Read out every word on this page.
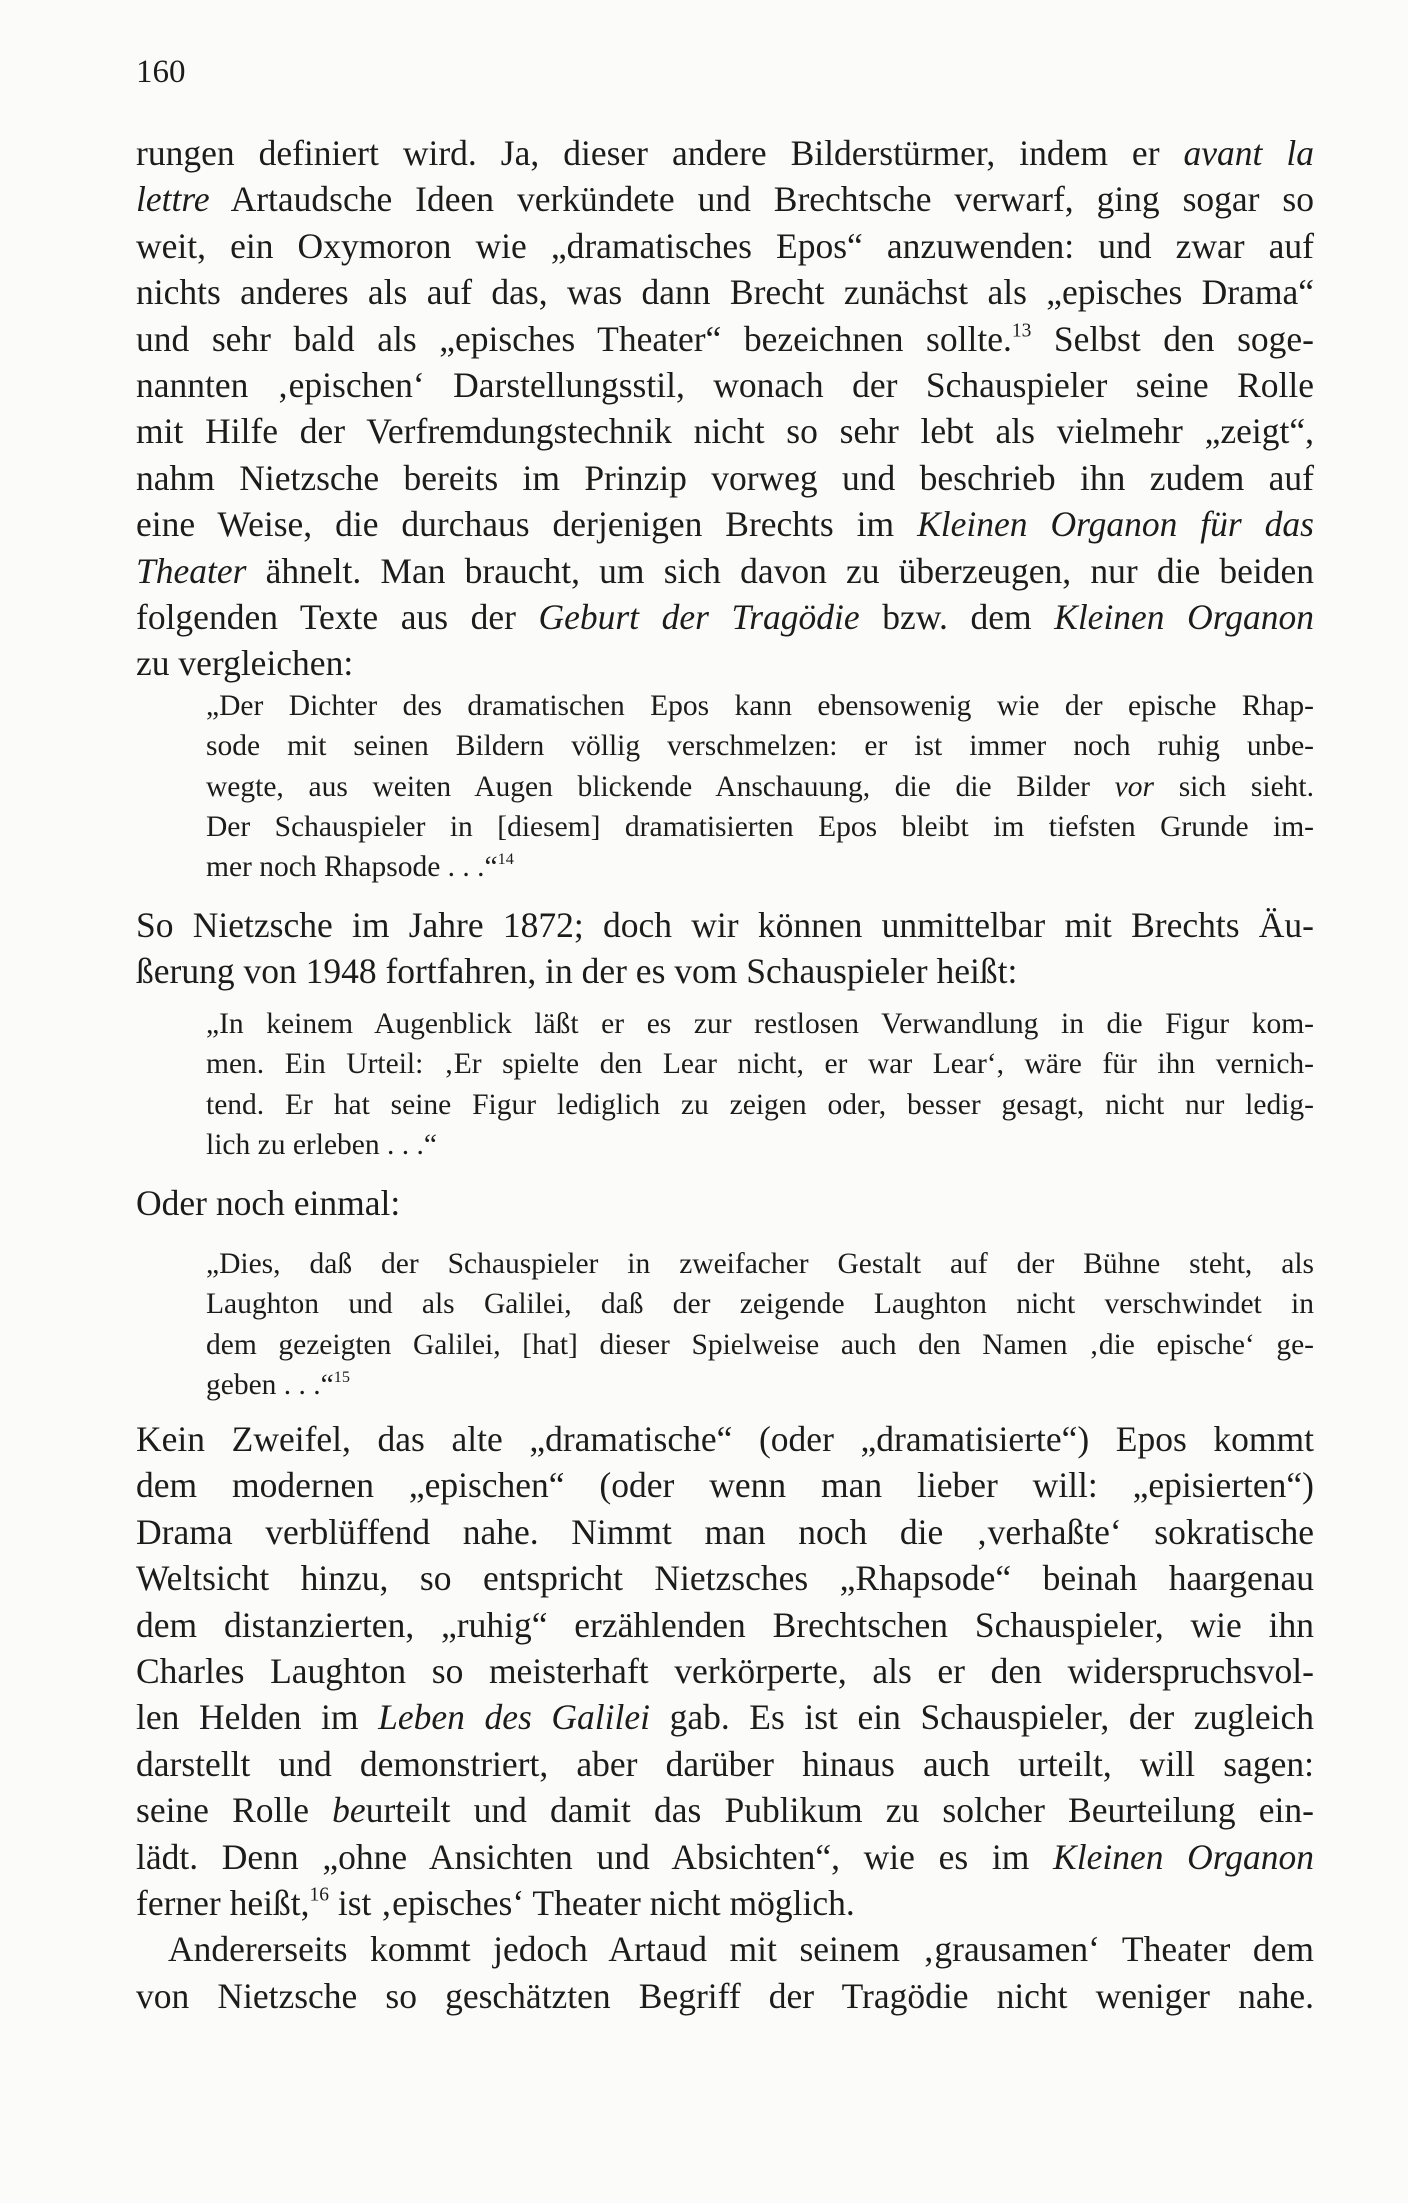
160
rungen definiert wird. Ja, dieser andere Bilderstürmer, indem er avant la
lettre Artaudsche Ideen verkündete und Brechtsche verwarf, ging sogar so
weit, ein Oxymoron wie „dramatisches Epos“ anzuwenden: und zwar auf
nichts anderes als auf das, was dann Brecht zunächst als „episches Drama“
und sehr bald als „episches Theater“ bezeichnen sollte.$^{13}$ Selbst den soge-
nannten ‚epischen‘ Darstellungsstil, wonach der Schauspieler seine Rolle
mit Hilfe der Verfremdungstechnik nicht so sehr lebt als vielmehr „zeigt“,
nahm Nietzsche bereits im Prinzip vorweg und beschrieb ihn zudem auf
eine Weise, die durchaus derjenigen Brechts im Kleinen Organon für das
Theater ähnelt. Man braucht, um sich davon zu überzeugen, nur die beiden
folgenden Texte aus der Geburt der Tragödie bzw. dem Kleinen Organon
zu vergleichen:
„Der Dichter des dramatischen Epos kann ebensowenig wie der epische Rhap-
sode mit seinen Bildern völlig verschmelzen: er ist immer noch ruhig unbe-
wegte, aus weiten Augen blickende Anschauung, die die Bilder vor sich sieht.
Der Schauspieler in [diesem] dramatisierten Epos bleibt im tiefsten Grunde im-
mer noch Rhapsode . . .“$^{14}$
So Nietzsche im Jahre 1872; doch wir können unmittelbar mit Brechts Äu-
ßerung von 1948 fortfahren, in der es vom Schauspieler heißt:
„In keinem Augenblick läßt er es zur restlosen Verwandlung in die Figur kom-
men. Ein Urteil: ‚Er spielte den Lear nicht, er war Lear‘, wäre für ihn vernich-
tend. Er hat seine Figur lediglich zu zeigen oder, besser gesagt, nicht nur ledig-
lich zu erleben . . .“
Oder noch einmal:
„Dies, daß der Schauspieler in zweifacher Gestalt auf der Bühne steht, als
Laughton und als Galilei, daß der zeigende Laughton nicht verschwindet in
dem gezeigten Galilei, [hat] dieser Spielweise auch den Namen ‚die epische‘ ge-
geben . . .“$^{15}$
Kein Zweifel, das alte „dramatische“ (oder „dramatisierte“) Epos kommt
dem modernen „epischen“ (oder wenn man lieber will: „episierten“)
Drama verblüffend nahe. Nimmt man noch die ‚verhaßte‘ sokratische
Weltsicht hinzu, so entspricht Nietzsches „Rhapsode“ beinah haargenau
dem distanzierten, „ruhig“ erzählenden Brechtschen Schauspieler, wie ihn
Charles Laughton so meisterhaft verkörperte, als er den widerspruchsvol-
len Helden im Leben des Galilei gab. Es ist ein Schauspieler, der zugleich
darstellt und demonstriert, aber darüber hinaus auch urteilt, will sagen:
seine Rolle beurteilt und damit das Publikum zu solcher Beurteilung ein-
lädt. Denn „ohne Ansichten und Absichten“, wie es im Kleinen Organon
ferner heißt,$^{16}$ ist ‚episches‘ Theater nicht möglich.
Andererseits kommt jedoch Artaud mit seinem ‚grausamen‘ Theater dem
von Nietzsche so geschätzten Begriff der Tragödie nicht weniger nahe.
